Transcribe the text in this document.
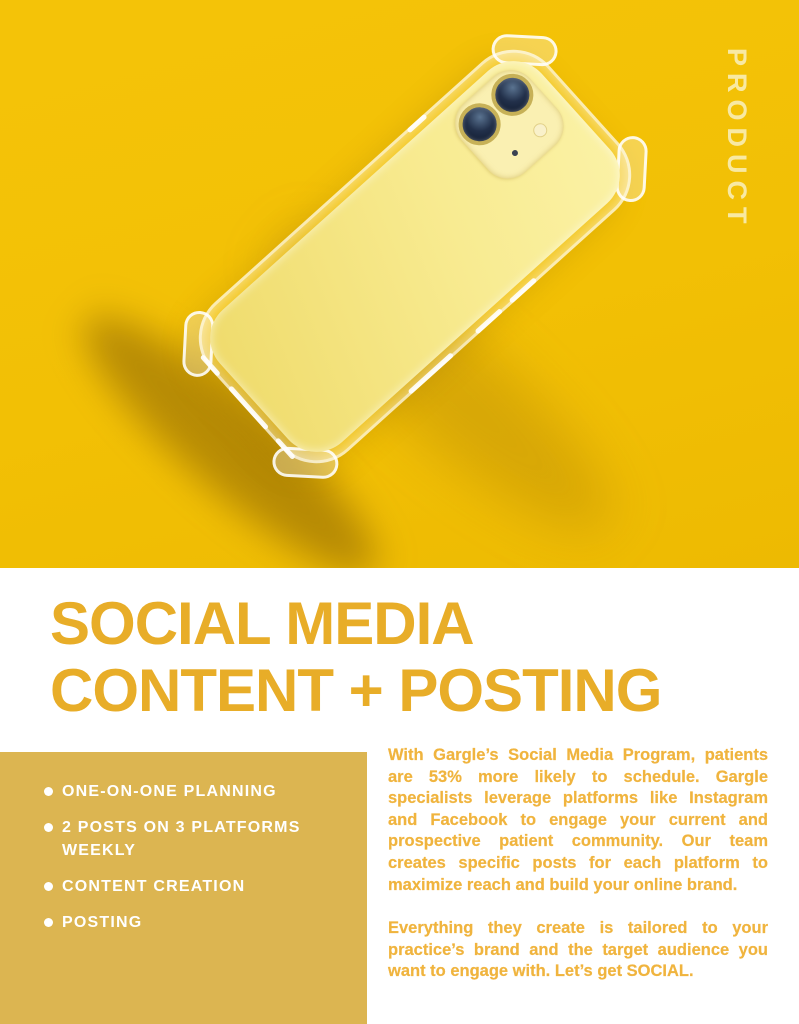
PRODUCT
SOCIAL MEDIA
CONTENT + POSTING
ONE-ON-ONE PLANNING
2 POSTS ON 3 PLATFORMS WEEKLY
CONTENT CREATION
POSTING

With Gargle’s Social Media Program, patients are 53% more likely to schedule. Gargle specialists leverage platforms like Instagram and Facebook to engage your current and prospective patient community. Our team creates specific posts for each platform to maximize reach and build your online brand.

Everything they create is tailored to your practice’s brand and the target audience you want to engage with. Let’s get SOCIAL.
